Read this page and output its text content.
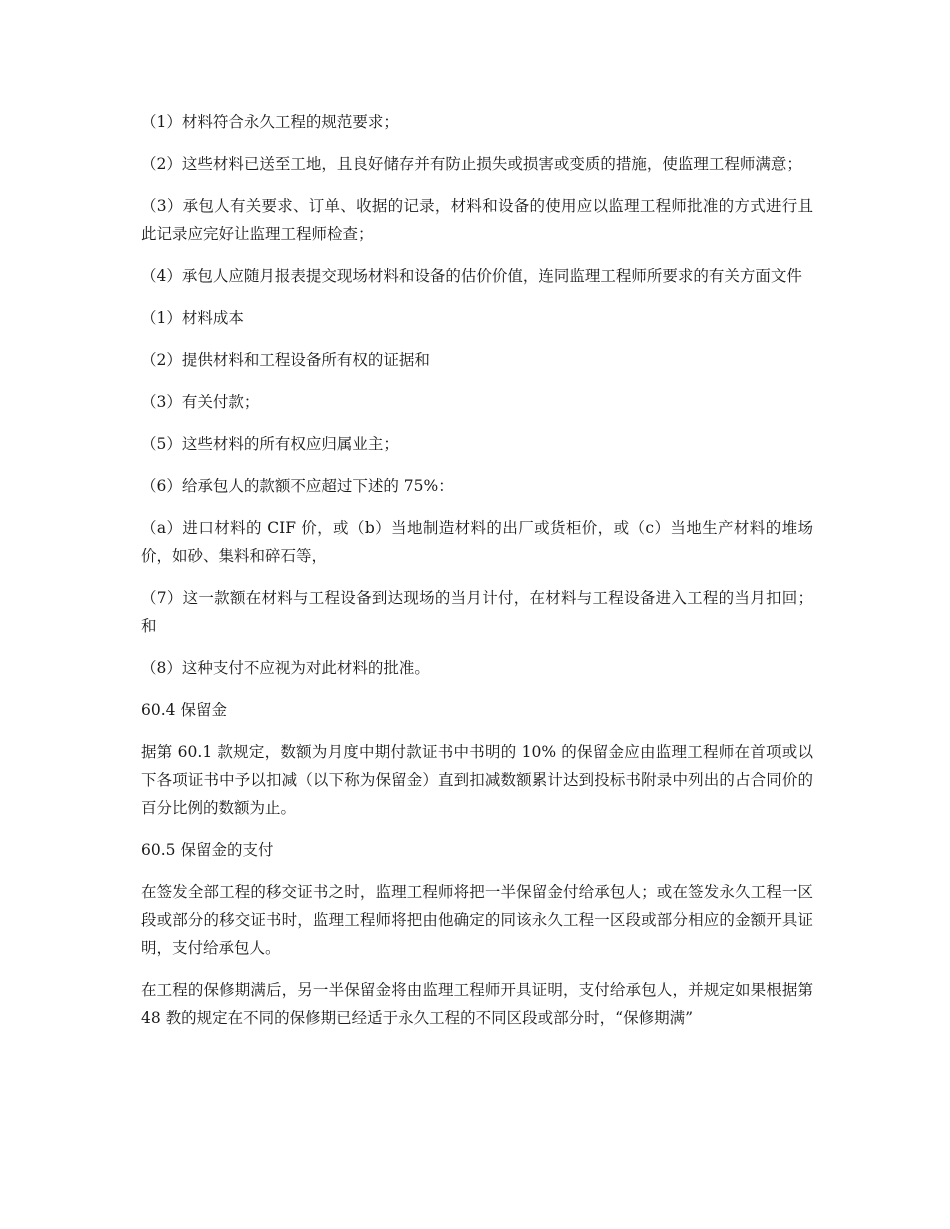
（1）材料符合永久工程的规范要求；

（2）这些材料已送至工地，且良好储存并有防止损失或损害或变质的措施，使监理工程师满意；

（3）承包人有关要求、订单、收据的记录，材料和设备的使用应以监理工程师批准的方式进行且此记录应完好让监理工程师检查；

（4）承包人应随月报表提交现场材料和设备的估价价值，连同监理工程师所要求的有关方面文件

（1）材料成本

（2）提供材料和工程设备所有权的证据和

（3）有关付款；

（5）这些材料的所有权应归属业主；

（6）给承包人的款额不应超过下述的 75%：

（a）进口材料的 CIF 价，或（b）当地制造材料的出厂或货柜价，或（c）当地生产材料的堆场价，如砂、集料和碎石等，

（7）这一款额在材料与工程设备到达现场的当月计付，在材料与工程设备进入工程的当月扣回；和

（8）这种支付不应视为对此材料的批准。

60.4 保留金

据第 60.1 款规定，数额为月度中期付款证书中书明的 10% 的保留金应由监理工程师在首项或以下各项证书中予以扣减（以下称为保留金）直到扣减数额累计达到投标书附录中列出的占合同价的百分比例的数额为止。

60.5 保留金的支付

在签发全部工程的移交证书之时，监理工程师将把一半保留金付给承包人；或在签发永久工程一区段或部分的移交证书时，监理工程师将把由他确定的同该永久工程一区段或部分相应的金额开具证明，支付给承包人。

在工程的保修期满后，另一半保留金将由监理工程师开具证明，支付给承包人，并规定如果根据第 48 教的规定在不同的保修期已经适于永久工程的不同区段或部分时，“保修期满”
